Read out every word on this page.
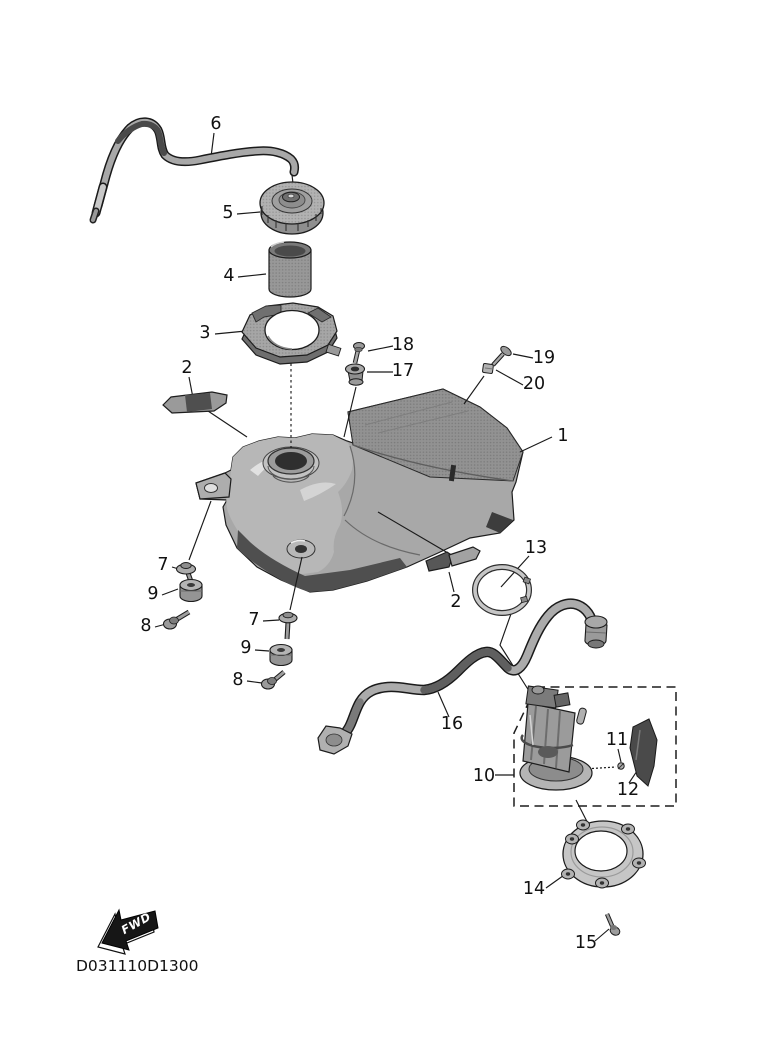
FWD
D031110D1300
6
5
4
3
18
17
19
20
2
1
7
9
8	7
9
8
13
2
16
10
11
12
14
15
